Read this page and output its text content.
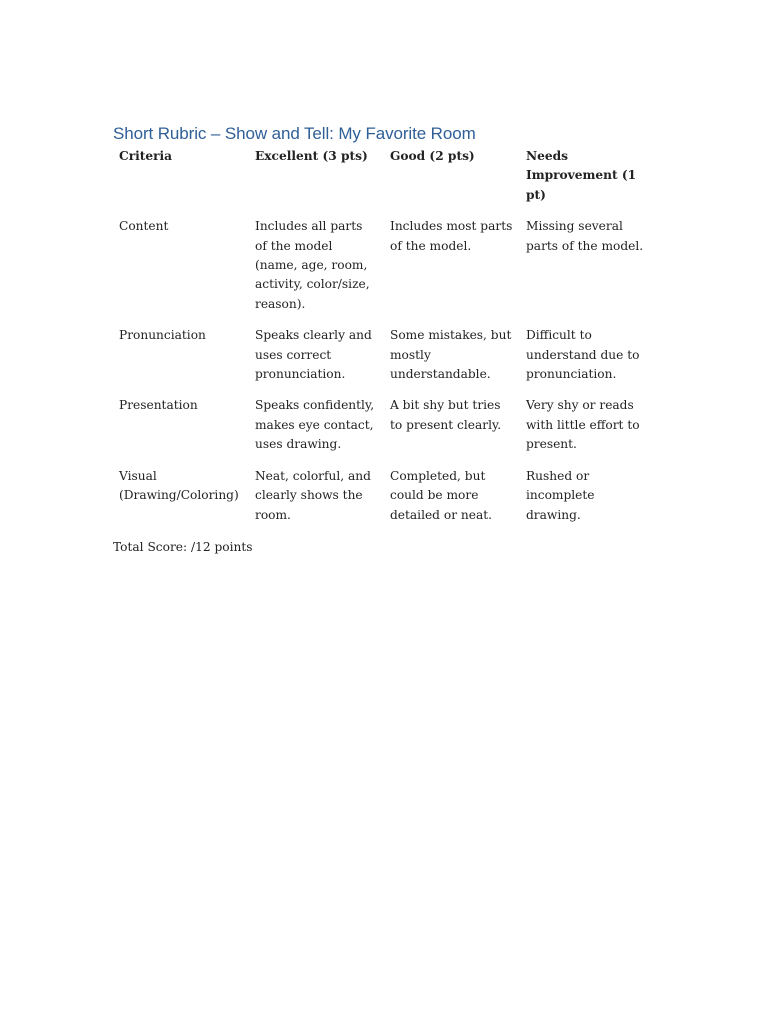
Short Rubric – Show and Tell: My Favorite Room
Criteria	Excellent (3 pts)	Good (2 pts)	Needs Improvement (1 pt)
Content	Includes all parts of the model (name, age, room, activity, color/size, reason).	Includes most parts of the model.	Missing several parts of the model.
Pronunciation	Speaks clearly and uses correct pronunciation.	Some mistakes, but mostly understandable.	Difficult to understand due to pronunciation.
Presentation	Speaks confidently, makes eye contact, uses drawing.	A bit shy but tries to present clearly.	Very shy or reads with little effort to present.
Visual (Drawing/Coloring)	Neat, colorful, and clearly shows the room.	Completed, but could be more detailed or neat.	Rushed or incomplete drawing.
Total Score: /12 points
